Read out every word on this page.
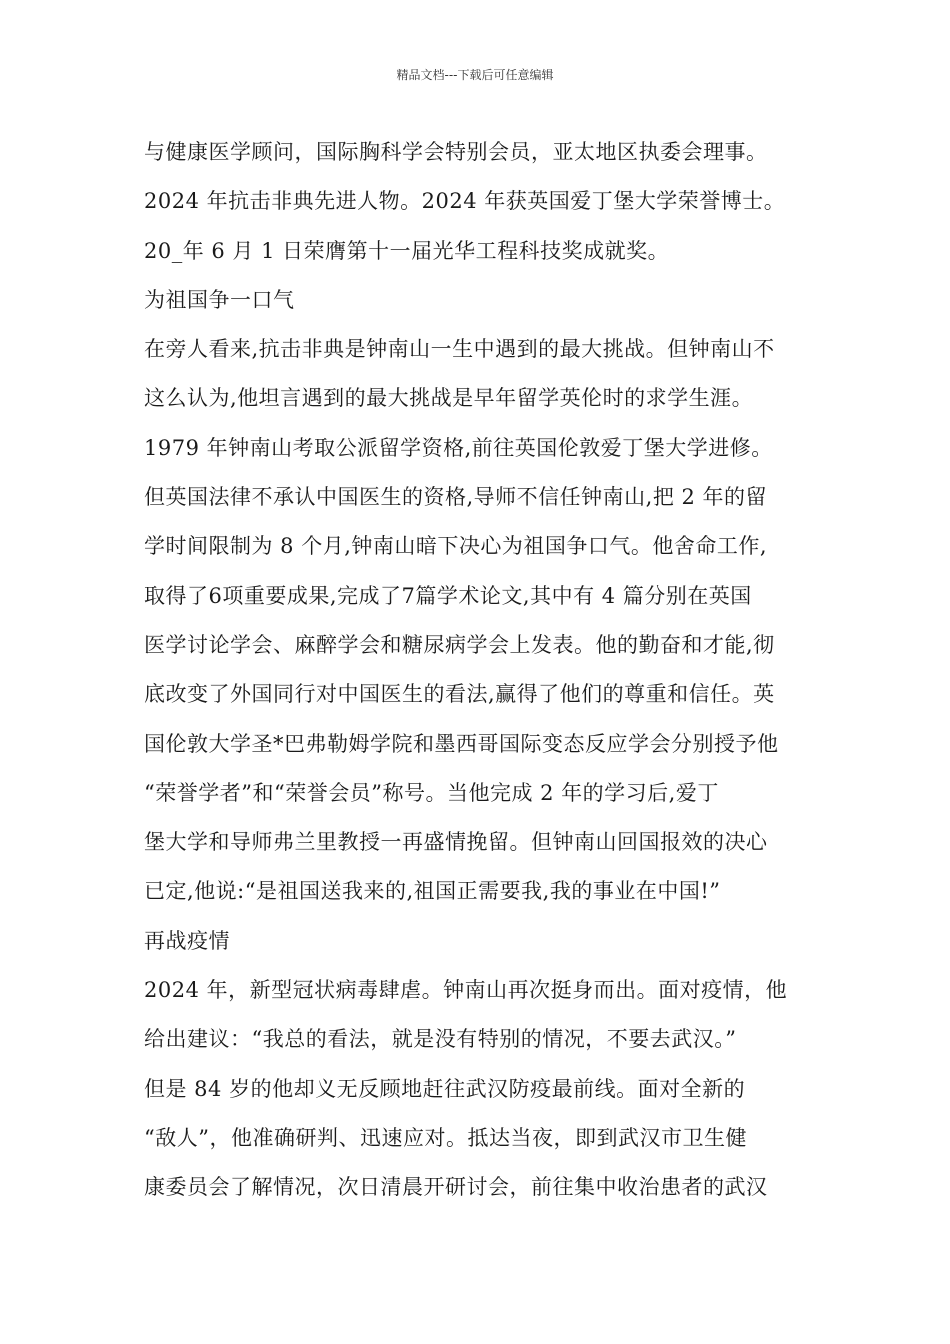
精品文档---下载后可任意编辑
与健康医学顾问，国际胸科学会特别会员，亚太地区执委会理事。
2024 年抗击非典先进人物。2024 年获英国爱丁堡大学荣誉博士。
20_年 6 月 1 日荣膺第十一届光华工程科技奖成就奖。
为祖国争一口气
在旁人看来,抗击非典是钟南山一生中遇到的最大挑战。但钟南山不
这么认为,他坦言遇到的最大挑战是早年留学英伦时的求学生涯。
1979 年钟南山考取公派留学资格,前往英国伦敦爱丁堡大学进修。
但英国法律不承认中国医生的资格,导师不信任钟南山,把 2 年的留
学时间限制为 8 个月,钟南山暗下决心为祖国争口气。他舍命工作,
取得了6项重要成果,完成了7篇学术论文,其中有 4 篇分别在英国
医学讨论学会、麻醉学会和糖尿病学会上发表。他的勤奋和才能,彻
底改变了外国同行对中国医生的看法,赢得了他们的尊重和信任。英
国伦敦大学圣*巴弗勒姆学院和墨西哥国际变态反应学会分别授予他
“荣誉学者”和“荣誉会员”称号。当他完成 2 年的学习后,爱丁
堡大学和导师弗兰里教授一再盛情挽留。但钟南山回国报效的决心
已定,他说:“是祖国送我来的,祖国正需要我,我的事业在中国!”
再战疫情
2024 年，新型冠状病毒肆虐。钟南山再次挺身而出。面对疫情，他
给出建议：“我总的看法，就是没有特别的情况，不要去武汉。”
但是 84 岁的他却义无反顾地赶往武汉防疫最前线。面对全新的
“敌人”，他准确研判、迅速应对。抵达当夜，即到武汉市卫生健
康委员会了解情况，次日清晨开研讨会，前往集中收治患者的武汉
